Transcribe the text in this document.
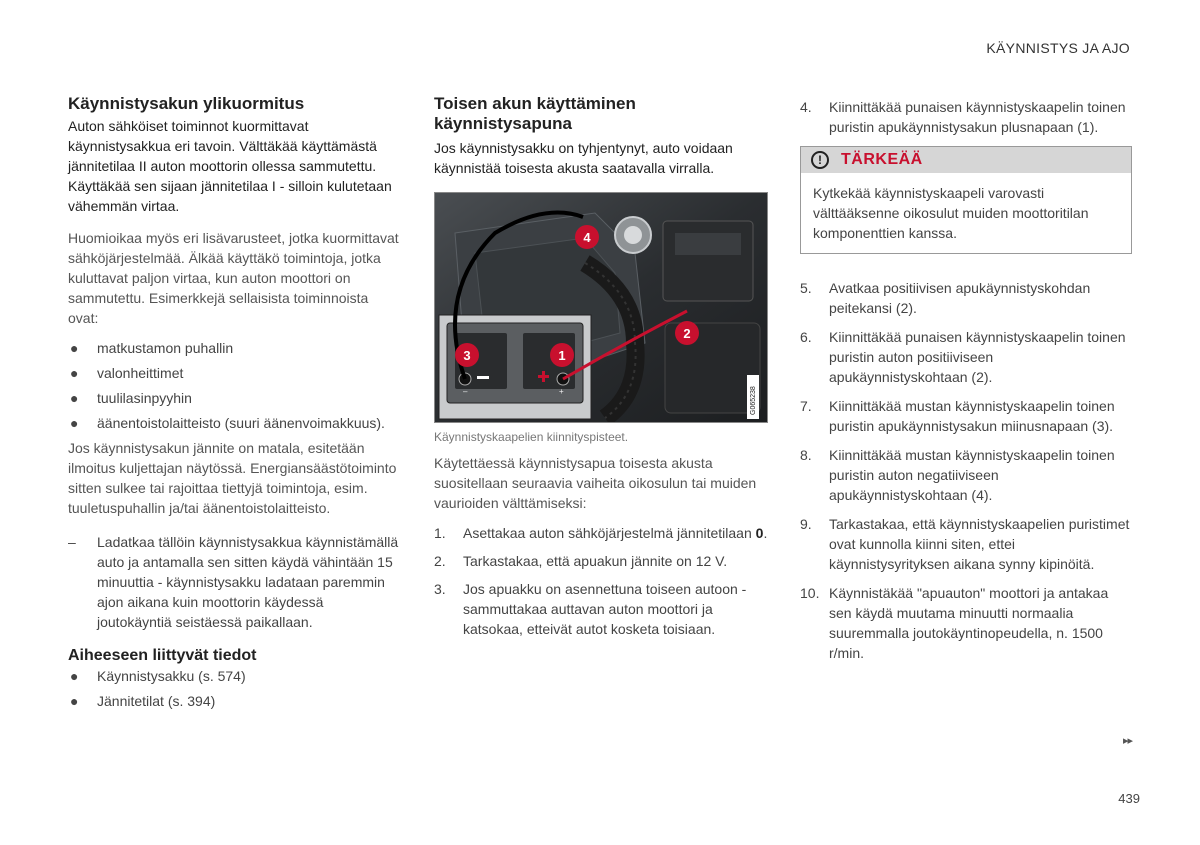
KÄYNNISTYS JA AJO
Käynnistysakun ylikuormitus

Auton sähköiset toiminnot kuormittavat käynnistysakkua eri tavoin. Välttäkää käyttämästä jännitetilaa II auton moottorin ollessa sammutettu. Käyttäkää sen sijaan jännitetilaa I - silloin kulutetaan vähemmän virtaa.

Huomioikaa myös eri lisävarusteet, jotka kuormittavat sähköjärjestelmää. Älkää käyttäkö toimintoja, jotka kuluttavat paljon virtaa, kun auton moottori on sammutettu. Esimerkkejä sellaisista toiminnoista ovat:

● matkustamon puhallin
● valonheittimet
● tuulilasinpyyhin
● äänentoistolaitteisto (suuri äänenvoimakkuus).

Jos käynnistysakun jännite on matala, esitetään ilmoitus kuljettajan näytössä. Energiansäästötoiminto sitten sulkee tai rajoittaa tiettyjä toimintoja, esim. tuuletuspuhallin ja/tai äänentoistolaitteisto.

– Ladatkaa tällöin käynnistysakkua käynnistämällä auto ja antamalla sen sitten käydä vähintään 15 minuuttia - käynnistysakku ladataan paremmin ajon aikana kuin moottorin käydessä joutokäyntiä seistäessä paikallaan.
Aiheeseen liittyvät tiedot
● Käynnistysakku (s. 574)
● Jännitetilat (s. 394)
Toisen akun käyttäminen käynnistysapuna

Jos käynnistysakku on tyhjentynyt, auto voidaan käynnistää toisesta akusta saatavalla virralla.

–	+
4
2
3	1
G065238
Käynnistyskaapelien kiinnityspisteet.

Käytettäessä käynnistysapua toisesta akusta suositellaan seuraavia vaiheita oikosulun tai muiden vaurioiden välttämiseksi:

1. Asettakaa auton sähköjärjestelmä jännitetilaan 0.
2. Tarkastakaa, että apuakun jännite on 12 V.
3. Jos apuakku on asennettuna toiseen autoon - sammuttakaa auttavan auton moottori ja katsokaa, etteivät autot kosketa toisiaan.
4. Kiinnittäkää punaisen käynnistyskaapelin toinen puristin apukäynnistysakun plusnapaan (1).
!	TÄRKEÄÄ
Kytkekää käynnistyskaapeli varovasti välttääksenne oikosulut muiden moottoritilan komponenttien kanssa.
5. Avatkaa positiivisen apukäynnistyskohdan peitekansi (2).
6. Kiinnittäkää punaisen käynnistyskaapelin toinen puristin auton positiiviseen apukäynnistyskohtaan (2).
7. Kiinnittäkää mustan käynnistyskaapelin toinen puristin apukäynnistysakun miinusnapaan (3).
8. Kiinnittäkää mustan käynnistyskaapelin toinen puristin auton negatiiviseen apukäynnistyskohtaan (4).
9. Tarkastakaa, että käynnistyskaapelien puristimet ovat kunnolla kiinni siten, ettei käynnistysyrityksen aikana synny kipinöitä.
10. Käynnistäkää "apuauton" moottori ja antakaa sen käydä muutama minuutti normaalia suuremmalla joutokäyntinopeudella, n. 1500 r/min.
▸▸
439
